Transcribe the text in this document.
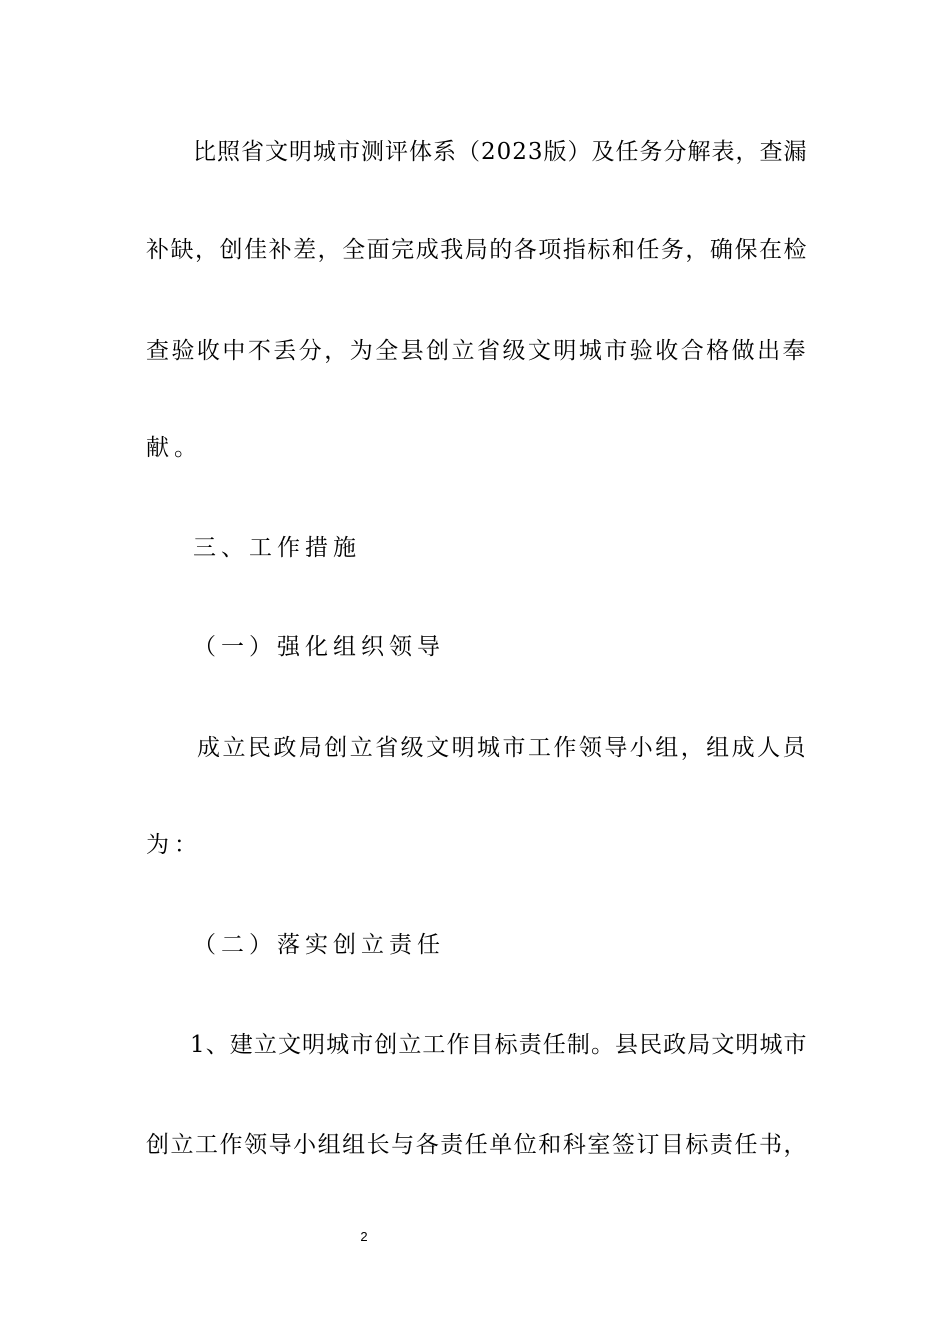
比照省文明城市测评体系（2023版）及任务分解表，查漏
补缺，创佳补差，全面完成我局的各项指标和任务，确保在检
查验收中不丢分，为全县创立省级文明城市验收合格做出奉
献。
三、工作措施
（一）强化组织领导
成立民政局创立省级文明城市工作领导小组，组成人员
为：
（二）落实创立责任
1、建立文明城市创立工作目标责任制。县民政局文明城市
创立工作领导小组组长与各责任单位和科室签订目标责任书，
2
